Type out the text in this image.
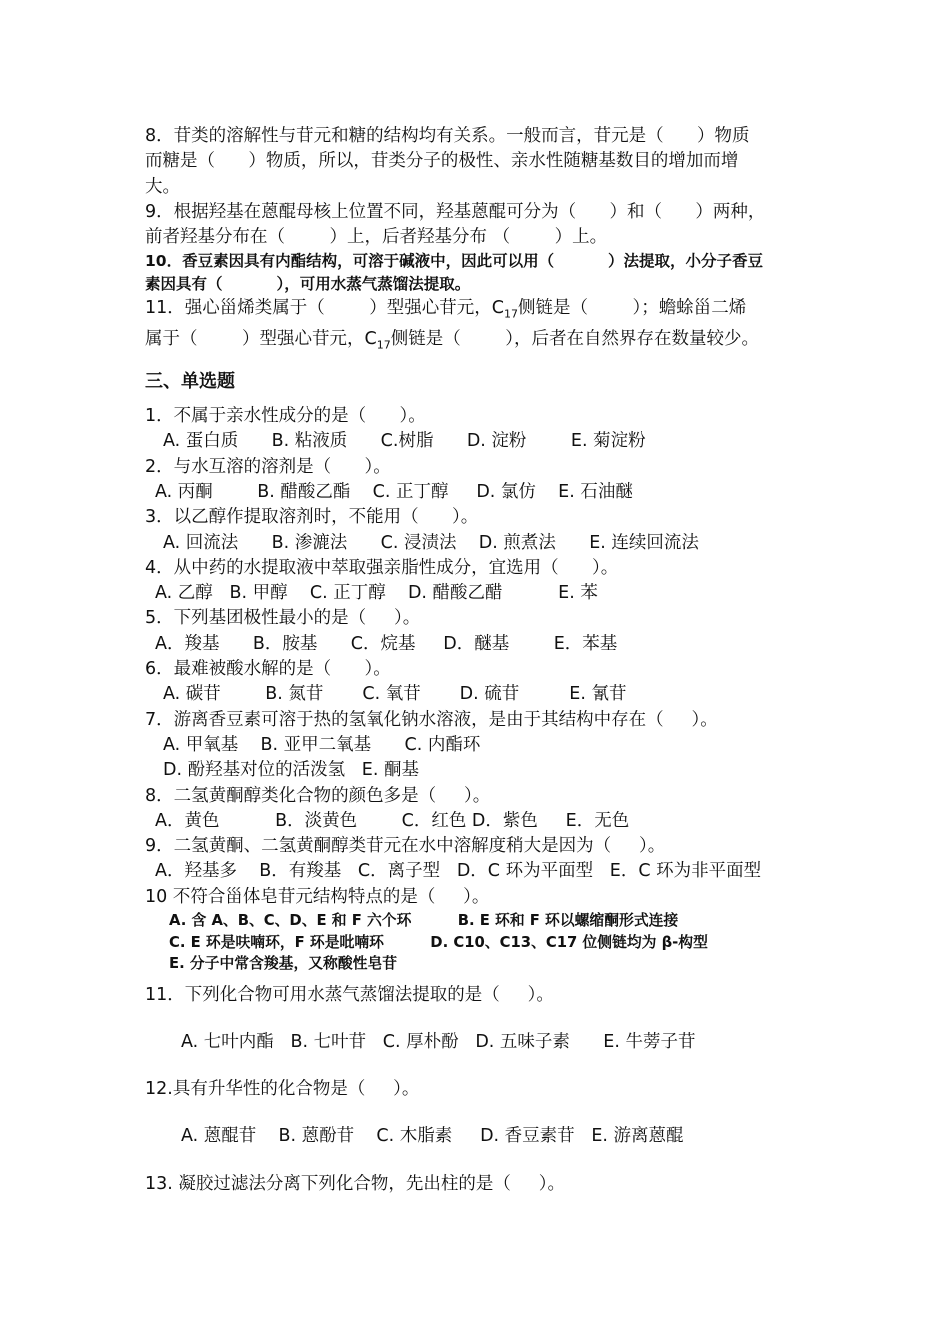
8．苷类的溶解性与苷元和糖的结构均有关系。一般而言，苷元是（      ）物质
而糖是（      ）物质，所以，苷类分子的极性、亲水性随糖基数目的增加而增
大。
9．根据羟基在蒽醌母核上位置不同，羟基蒽醌可分为（      ）和（      ）两种，
前者羟基分布在（        ）上，后者羟基分布 （        ）上。
10．香豆素因具有内酯结构，可溶于碱液中，因此可以用（          ）法提取，小分子香豆
素因具有（          ），可用水蒸气蒸馏法提取。
11．强心甾烯类属于（        ）型强心苷元，$C_{17}$侧链是（        ）；蟾蜍甾二烯
属于（        ）型强心苷元，$C_{17}$侧链是（        ），后者在自然界存在数量较少。
三、单选题
1．不属于亲水性成分的是（      ）。
A. 蛋白质      B. 粘液质      C.树脂      D. 淀粉        E. 菊淀粉
2．与水互溶的溶剂是（      ）。
A. 丙酮        B. 醋酸乙酯    C. 正丁醇     D. 氯仿    E. 石油醚
3．以乙醇作提取溶剂时，不能用（      ）。
A. 回流法      B. 渗漉法      C. 浸渍法    D. 煎煮法      E. 连续回流法
4．从中药的水提取液中萃取强亲脂性成分，宜选用（      ）。
A. 乙醇   B. 甲醇    C. 正丁醇    D. 醋酸乙醋          E. 苯
5．下列基团极性最小的是（     ）。
A．羧基      B．胺基      C．烷基     D．醚基        E．苯基
6．最难被酸水解的是（      ）。
A. 碳苷        B. 氮苷       C. 氧苷       D. 硫苷         E. 氰苷
7．游离香豆素可溶于热的氢氧化钠水溶液，是由于其结构中存在（     ）。
A. 甲氧基    B. 亚甲二氧基      C. 内酯环
D. 酚羟基对位的活泼氢   E. 酮基
8．二氢黄酮醇类化合物的颜色多是（     ）。
A．黄色          B．淡黄色        C．红色 D．紫色     E．无色
9．二氢黄酮、二氢黄酮醇类苷元在水中溶解度稍大是因为（     ）。
A．羟基多    B．有羧基   C．离子型   D．C 环为平面型   E．C 环为非平面型
10 不符合甾体皂苷元结构特点的是（     ）。
A. 含 A、B、C、D、E 和 F 六个环         B. E 环和 F 环以螺缩酮形式连接
C. E 环是呋喃环，F 环是吡喃环         D. C10、C13、C17 位侧链均为 β-构型
E. 分子中常含羧基，又称酸性皂苷
11．下列化合物可用水蒸气蒸馏法提取的是（     ）。
A. 七叶内酯   B. 七叶苷   C. 厚朴酚   D. 五味子素      E. 牛蒡子苷
12.具有升华性的化合物是（     ）。
A. 蒽醌苷    B. 蒽酚苷    C. 木脂素     D. 香豆素苷   E. 游离蒽醌
13. 凝胶过滤法分离下列化合物，先出柱的是（     ）。
